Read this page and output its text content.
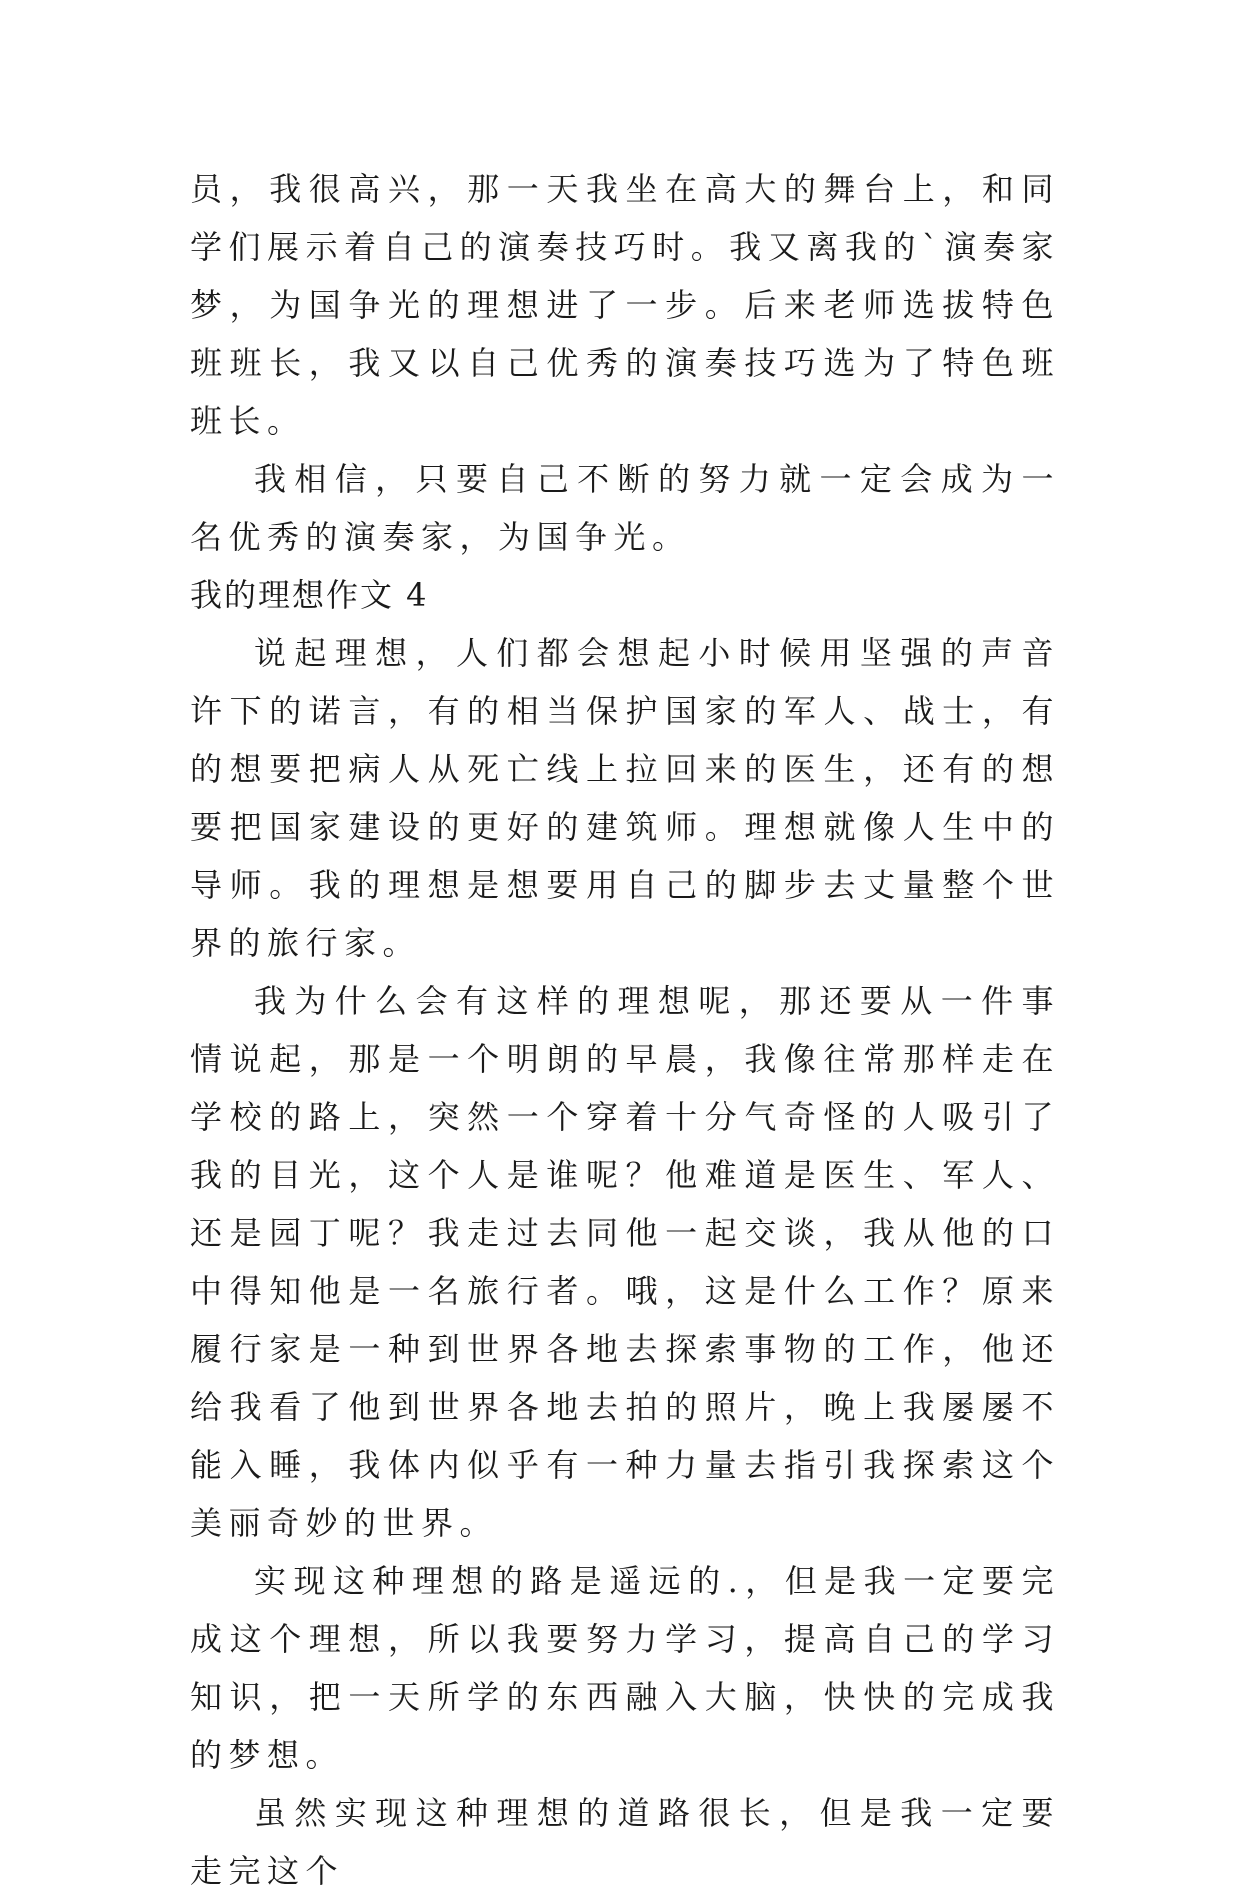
员，我很高兴，那一天我坐在高大的舞台上，和同学们展示着自己的演奏技巧时。我又离我的`演奏家梦，为国争光的理想进了一步。后来老师选拔特色班班长，我又以自己优秀的演奏技巧选为了特色班班长。

我相信，只要自己不断的努力就一定会成为一名优秀的演奏家，为国争光。

我的理想作文 4

说起理想，人们都会想起小时候用坚强的声音许下的诺言，有的相当保护国家的军人、战士，有的想要把病人从死亡线上拉回来的医生，还有的想要把国家建设的更好的建筑师。理想就像人生中的导师。我的理想是想要用自己的脚步去丈量整个世界的旅行家。

我为什么会有这样的理想呢，那还要从一件事情说起，那是一个明朗的早晨，我像往常那样走在学校的路上，突然一个穿着十分气奇怪的人吸引了我的目光，这个人是谁呢？他难道是医生、军人、还是园丁呢？我走过去同他一起交谈，我从他的口中得知他是一名旅行者。哦，这是什么工作？原来履行家是一种到世界各地去探索事物的工作，他还给我看了他到世界各地去拍的照片，晚上我屡屡不能入睡，我体内似乎有一种力量去指引我探索这个美丽奇妙的世界。

实现这种理想的路是遥远的.，但是我一定要完成这个理想，所以我要努力学习，提高自己的学习知识，把一天所学的东西融入大脑，快快的完成我的梦想。

虽然实现这种理想的道路很长，但是我一定要走完这个
